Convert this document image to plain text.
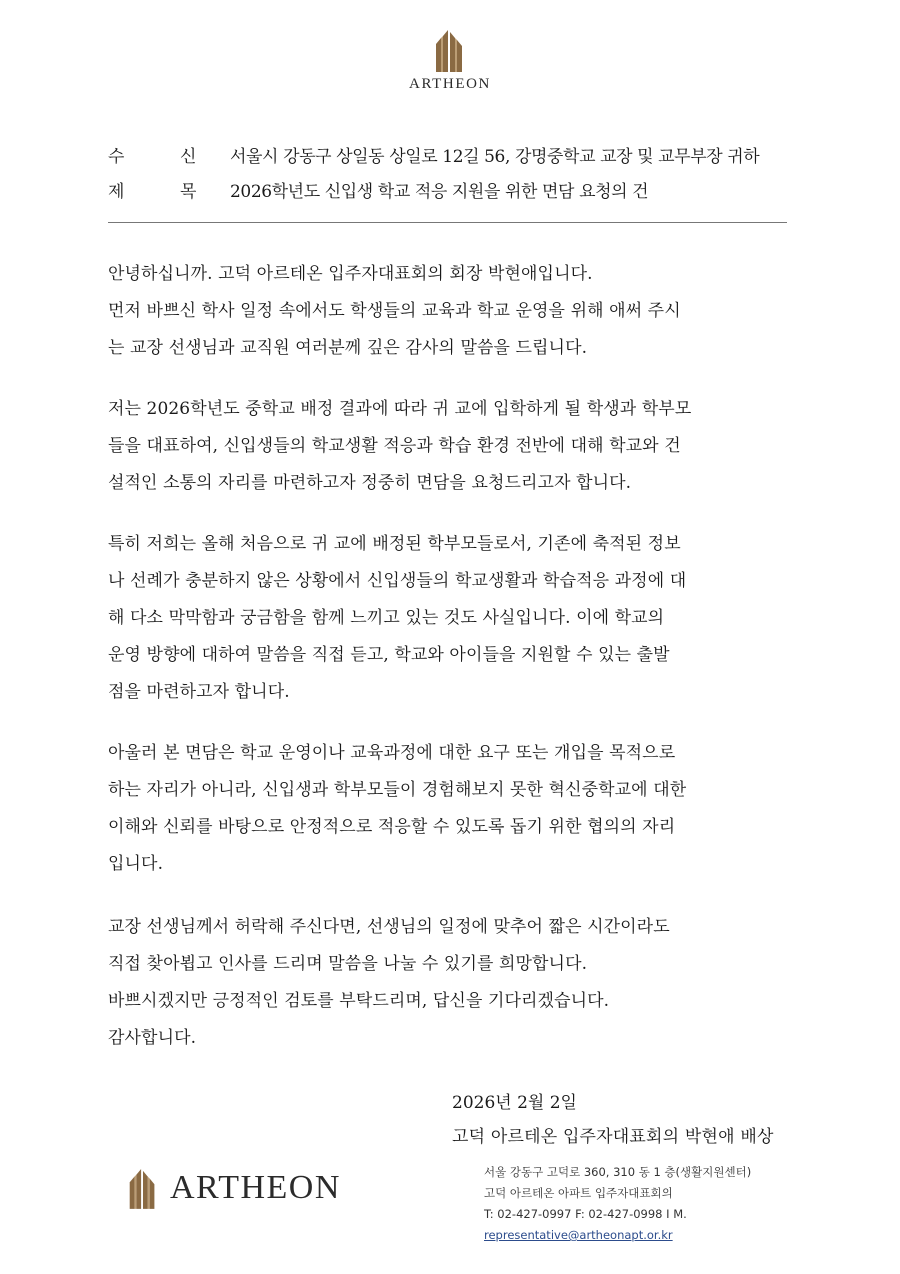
ARTHEON
수	신 서울시 강동구 상일동 상일로 12길 56, 강명중학교 교장 및 교무부장 귀하
제	목 2026학년도 신입생 학교 적응 지원을 위한 면담 요청의 건
안녕하십니까. 고덕 아르테온 입주자대표회의 회장 박현애입니다.
먼저 바쁘신 학사 일정 속에서도 학생들의 교육과 학교 운영을 위해 애써 주시
는 교장 선생님과 교직원 여러분께 깊은 감사의 말씀을 드립니다.
저는 2026학년도 중학교 배정 결과에 따라 귀 교에 입학하게 될 학생과 학부모
들을 대표하여, 신입생들의 학교생활 적응과 학습 환경 전반에 대해 학교와 건
설적인 소통의 자리를 마련하고자 정중히 면담을 요청드리고자 합니다.
특히 저희는 올해 처음으로 귀 교에 배정된 학부모들로서, 기존에 축적된 정보
나 선례가 충분하지 않은 상황에서 신입생들의 학교생활과 학습적응 과정에 대
해 다소 막막함과 궁금함을 함께 느끼고 있는 것도 사실입니다. 이에 학교의
운영 방향에 대하여 말씀을 직접 듣고, 학교와 아이들을 지원할 수 있는 출발
점을 마련하고자 합니다.
아울러 본 면담은 학교 운영이나 교육과정에 대한 요구 또는 개입을 목적으로
하는 자리가 아니라, 신입생과 학부모들이 경험해보지 못한 혁신중학교에 대한
이해와 신뢰를 바탕으로 안정적으로 적응할 수 있도록 돕기 위한 협의의 자리
입니다.
교장 선생님께서 허락해 주신다면, 선생님의 일정에 맞추어 짧은 시간이라도
직접 찾아뵙고 인사를 드리며 말씀을 나눌 수 있기를 희망합니다.
바쁘시겠지만 긍정적인 검토를 부탁드리며, 답신을 기다리겠습니다.
감사합니다.
2026년 2월 2일
고덕 아르테온 입주자대표회의 박현애 배상
ARTHEON	서울 강동구 고덕로 360, 310 동 1 층(생활지원센터)
고덕 아르테온 아파트 입주자대표회의
T: 02-427-0997 F: 02-427-0998 I M.
representative@artheonapt.or.kr
